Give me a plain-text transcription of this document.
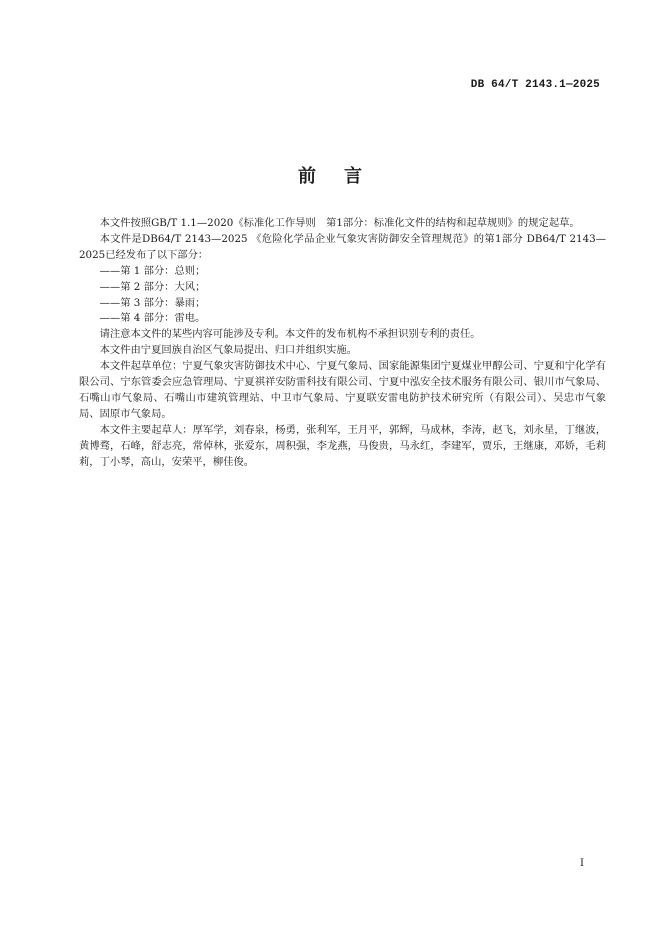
DB 64/T 2143.1—2025
前 言

本文件按照GB/T 1.1—2020《标准化工作导则　第1部分：标准化文件的结构和起草规则》的规定起草。

本文件是DB64/T 2143—2025 《危险化学品企业气象灾害防御安全管理规范》的第1部分 DB64/T 2143—2025已经发布了以下部分：

——第 1 部分：总则；

——第 2 部分：大风；

——第 3 部分：暴雨；

——第 4 部分：雷电。

请注意本文件的某些内容可能涉及专利。本文件的发布机构不承担识别专利的责任。

本文件由宁夏回族自治区气象局提出、归口并组织实施。

本文件起草单位：宁夏气象灾害防御技术中心、宁夏气象局、国家能源集团宁夏煤业甲醇公司、宁夏和宁化学有限公司、宁东管委会应急管理局、宁夏祺祥安防雷科技有限公司、宁夏中泓安全技术服务有限公司、银川市气象局、石嘴山市气象局、石嘴山市建筑管理站、中卫市气象局、宁夏联安雷电防护技术研究所（有限公司）、吴忠市气象局、固原市气象局。

本文件主要起草人：厚军学，刘春泉，杨勇，张利军，王月平，郭辉，马成林，李涛，赵飞，刘永星，丁继波，黄博骛，石峰，舒志亮，常倬林，张爱东，周积强，李龙燕，马俊贵，马永红，李建军，贾乐，王继康，邓娇，毛莉莉，丁小琴，高山，安荣平，柳佳俊。

I
